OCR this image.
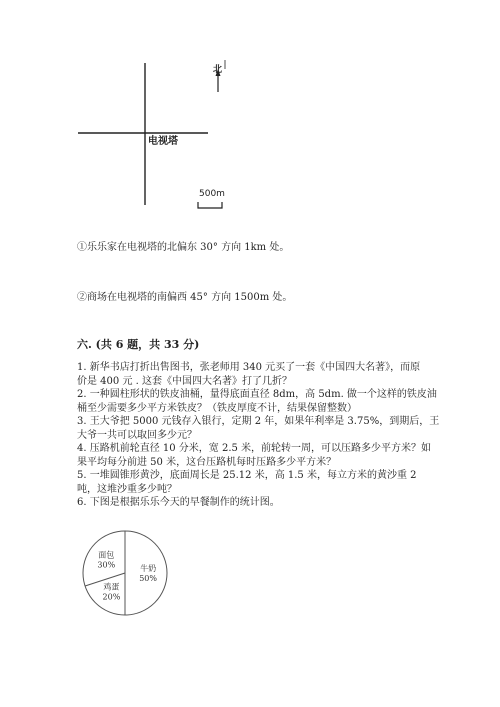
电视塔
北
500m
①乐乐家在电视塔的北偏东 30° 方向 1km 处。
②商场在电视塔的南偏西 45° 方向 1500m 处。
六. (共 6 题，共 33 分)
1. 新华书店打折出售图书，张老师用 340 元买了一套《中国四大名著》，而原
价是 400 元 . 这套《中国四大名著》打了几折？
2. 一种圆柱形状的铁皮油桶，量得底面直径 8dm，高 5dm. 做一个这样的铁皮油
桶至少需要多少平方米铁皮？（铁皮厚度不计，结果保留整数）
3. 王大爷把 5000 元钱存入银行，定期 2 年，如果年利率是 3.75%，到期后，王
大爷一共可以取回多少元？
4. 压路机前轮直径 10 分米，宽 2.5 米，前轮转一周，可以压路多少平方米？如
果平均每分前进 50 米，这台压路机每时压路多少平方米？
5. 一堆圆锥形黄沙，底面周长是 25.12 米，高 1.5 米，每立方米的黄沙重 2
吨，这堆沙重多少吨？
6. 下图是根据乐乐今天的早餐制作的统计图。
牛奶
50%
鸡蛋
20%
面包
30%
